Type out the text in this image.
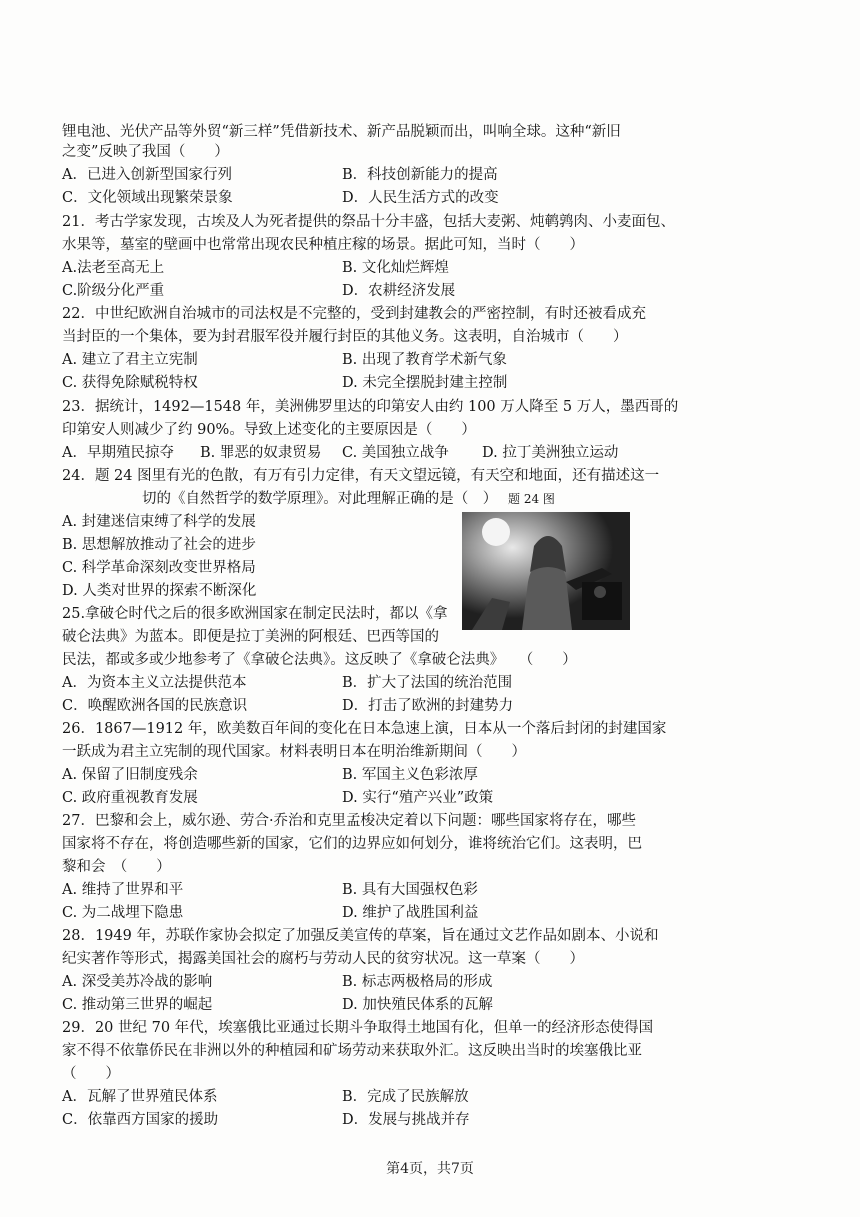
锂电池、光伏产品等外贸“新三样”凭借新技术、新产品脱颖而出，叫响全球。这种“新旧
之变”反映了我国（　　）
A．已进入创新型国家行列	B．科技创新能力的提高
C．文化领域出现繁荣景象	D．人民生活方式的改变
21．考古学家发现，古埃及人为死者提供的祭品十分丰盛，包括大麦粥、炖鹌鹑肉、小麦面包、
水果等，墓室的壁画中也常常出现农民种植庄稼的场景。据此可知，当时（　　）
A.法老至高无上	B. 文化灿烂辉煌
C.阶级分化严重	D．农耕经济发展
22．中世纪欧洲自治城市的司法权是不完整的，受到封建教会的严密控制，有时还被看成充
当封臣的一个集体，要为封君服军役并履行封臣的其他义务。这表明，自治城市（　　）
A. 建立了君主立宪制	B. 出现了教育学术新气象
C. 获得免除赋税特权	D. 未完全摆脱封建主控制
23．据统计，1492—1548 年，美洲佛罗里达的印第安人由约 100 万人降至 5 万人，墨西哥的
印第安人则减少了约 90%。导致上述变化的主要原因是（　　）
A．早期殖民掠夺 B. 罪恶的奴隶贸易 C. 美国独立战争 D. 拉丁美洲独立运动
24．题 24 图里有光的色散，有万有引力定律，有天文望远镜，有天空和地面，还有描述这一
切的《自然哲学的数学原理》。对此理解正确的是（　） 题 24 图
A. 封建迷信束缚了科学的发展
B. 思想解放推动了社会的进步
C. 科学革命深刻改变世界格局
D. 人类对世界的探索不断深化
25.拿破仑时代之后的很多欧洲国家在制定民法时，都以《拿
破仑法典》为蓝本。即便是拉丁美洲的阿根廷、巴西等国的
民法，都或多或少地参考了《拿破仑法典》。这反映了《拿破仑法典》　　（　　）
A．为资本主义立法提供范本	B．扩大了法国的统治范围
C．唤醒欧洲各国的民族意识	D．打击了欧洲的封建势力
26．1867—1912 年，欧美数百年间的变化在日本急速上演，日本从一个落后封闭的封建国家
一跃成为君主立宪制的现代国家。材料表明日本在明治维新期间（　　）
A. 保留了旧制度残余	B. 军国主义色彩浓厚
C. 政府重视教育发展	D. 实行“殖产兴业”政策
27．巴黎和会上，威尔逊、劳合·乔治和克里孟梭决定着以下问题：哪些国家将存在，哪些
国家将不存在，将创造哪些新的国家，它们的边界应如何划分，谁将统治它们。这表明，巴
黎和会　（　　）
A. 维持了世界和平	B. 具有大国强权色彩
C. 为二战埋下隐患	D. 维护了战胜国利益
28．1949 年，苏联作家协会拟定了加强反美宣传的草案，旨在通过文艺作品如剧本、小说和
纪实著作等形式，揭露美国社会的腐朽与劳动人民的贫穷状况。这一草案（　　）
A. 深受美苏冷战的影响	B. 标志两极格局的形成
C. 推动第三世界的崛起	D. 加快殖民体系的瓦解
29．20 世纪 70 年代，埃塞俄比亚通过长期斗争取得土地国有化，但单一的经济形态使得国
家不得不依靠侨民在非洲以外的种植园和矿场劳动来获取外汇。这反映出当时的埃塞俄比亚
（　　）
A．瓦解了世界殖民体系	B．完成了民族解放
C．依靠西方国家的援助	D．发展与挑战并存
第4页，共7页
